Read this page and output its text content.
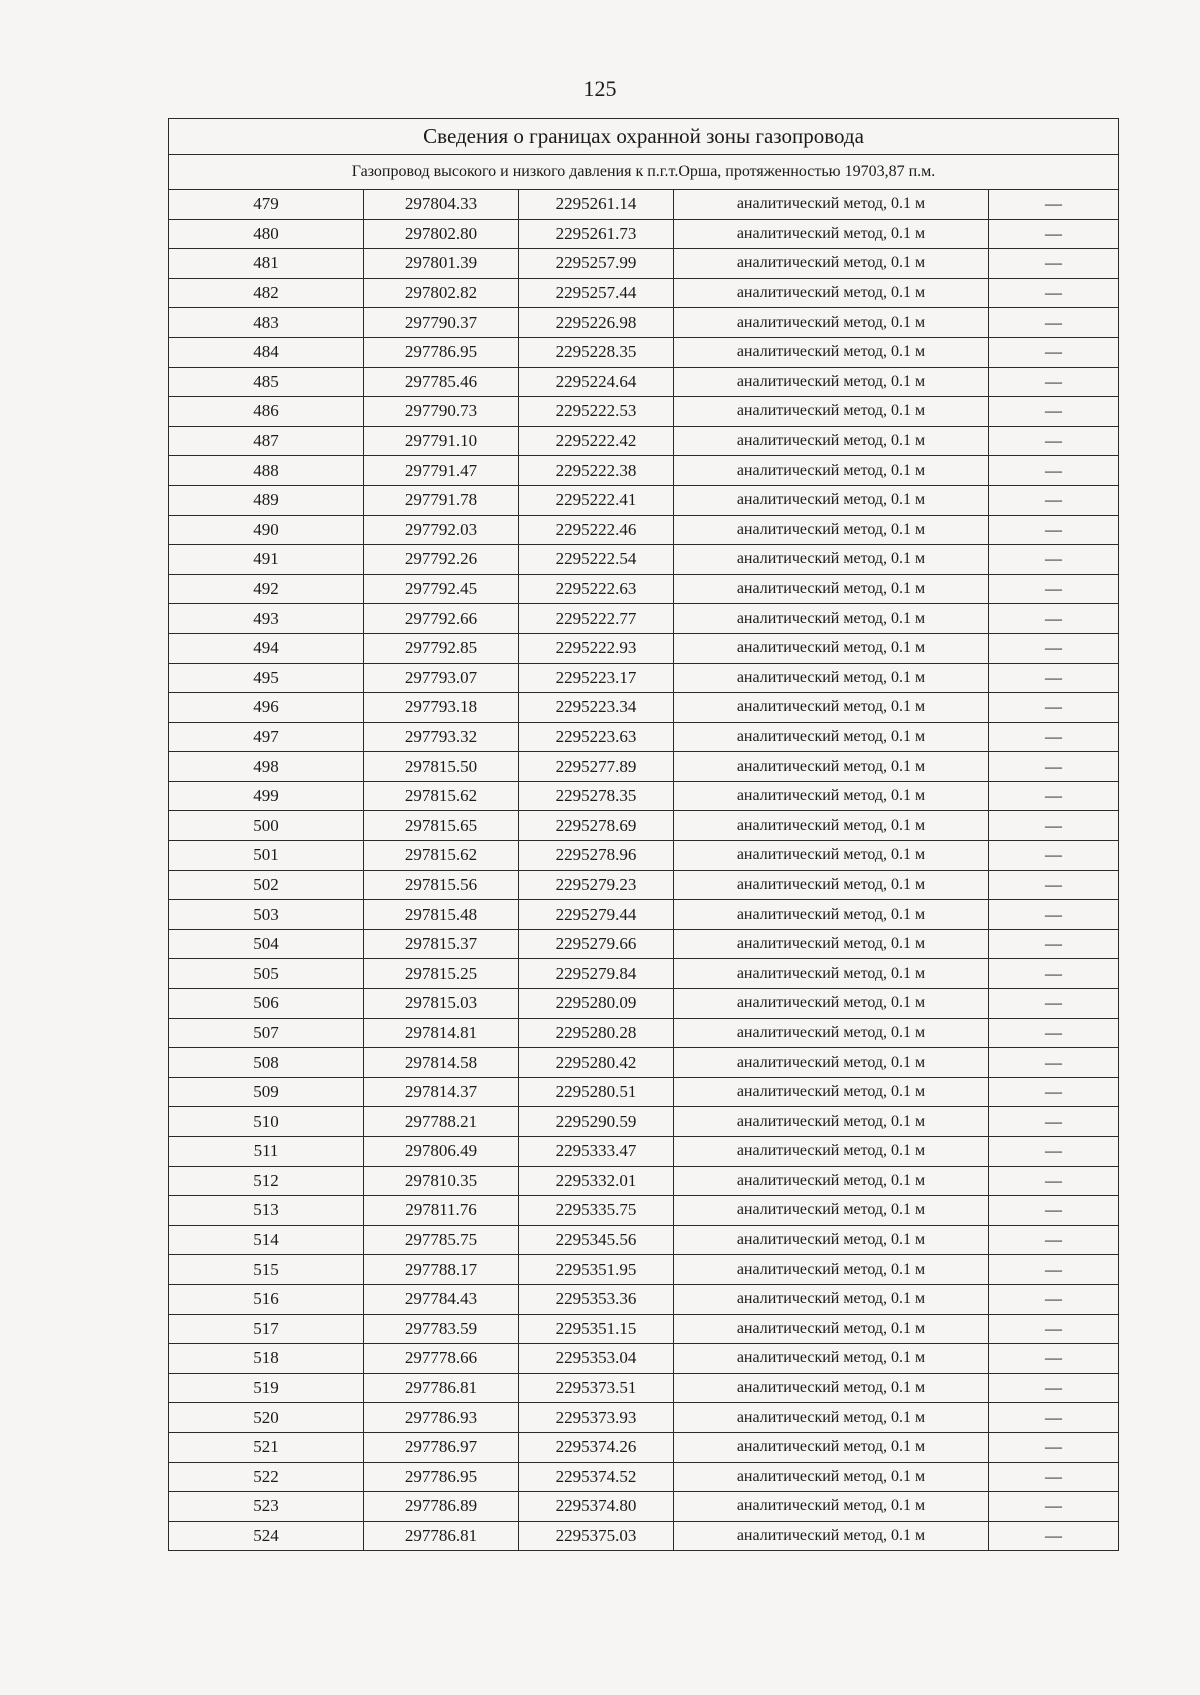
125
Сведения о границах охранной зоны газопровода				
Газопровод высокого и низкого давления к п.г.т.Орша, протяженностью 19703,87 п.м.				
479	297804.33	2295261.14	аналитический метод, 0.1 м	—
480	297802.80	2295261.73	аналитический метод, 0.1 м	—
481	297801.39	2295257.99	аналитический метод, 0.1 м	—
482	297802.82	2295257.44	аналитический метод, 0.1 м	—
483	297790.37	2295226.98	аналитический метод, 0.1 м	—
484	297786.95	2295228.35	аналитический метод, 0.1 м	—
485	297785.46	2295224.64	аналитический метод, 0.1 м	—
486	297790.73	2295222.53	аналитический метод, 0.1 м	—
487	297791.10	2295222.42	аналитический метод, 0.1 м	—
488	297791.47	2295222.38	аналитический метод, 0.1 м	—
489	297791.78	2295222.41	аналитический метод, 0.1 м	—
490	297792.03	2295222.46	аналитический метод, 0.1 м	—
491	297792.26	2295222.54	аналитический метод, 0.1 м	—
492	297792.45	2295222.63	аналитический метод, 0.1 м	—
493	297792.66	2295222.77	аналитический метод, 0.1 м	—
494	297792.85	2295222.93	аналитический метод, 0.1 м	—
495	297793.07	2295223.17	аналитический метод, 0.1 м	—
496	297793.18	2295223.34	аналитический метод, 0.1 м	—
497	297793.32	2295223.63	аналитический метод, 0.1 м	—
498	297815.50	2295277.89	аналитический метод, 0.1 м	—
499	297815.62	2295278.35	аналитический метод, 0.1 м	—
500	297815.65	2295278.69	аналитический метод, 0.1 м	—
501	297815.62	2295278.96	аналитический метод, 0.1 м	—
502	297815.56	2295279.23	аналитический метод, 0.1 м	—
503	297815.48	2295279.44	аналитический метод, 0.1 м	—
504	297815.37	2295279.66	аналитический метод, 0.1 м	—
505	297815.25	2295279.84	аналитический метод, 0.1 м	—
506	297815.03	2295280.09	аналитический метод, 0.1 м	—
507	297814.81	2295280.28	аналитический метод, 0.1 м	—
508	297814.58	2295280.42	аналитический метод, 0.1 м	—
509	297814.37	2295280.51	аналитический метод, 0.1 м	—
510	297788.21	2295290.59	аналитический метод, 0.1 м	—
511	297806.49	2295333.47	аналитический метод, 0.1 м	—
512	297810.35	2295332.01	аналитический метод, 0.1 м	—
513	297811.76	2295335.75	аналитический метод, 0.1 м	—
514	297785.75	2295345.56	аналитический метод, 0.1 м	—
515	297788.17	2295351.95	аналитический метод, 0.1 м	—
516	297784.43	2295353.36	аналитический метод, 0.1 м	—
517	297783.59	2295351.15	аналитический метод, 0.1 м	—
518	297778.66	2295353.04	аналитический метод, 0.1 м	—
519	297786.81	2295373.51	аналитический метод, 0.1 м	—
520	297786.93	2295373.93	аналитический метод, 0.1 м	—
521	297786.97	2295374.26	аналитический метод, 0.1 м	—
522	297786.95	2295374.52	аналитический метод, 0.1 м	—
523	297786.89	2295374.80	аналитический метод, 0.1 м	—
524	297786.81	2295375.03	аналитический метод, 0.1 м	—
